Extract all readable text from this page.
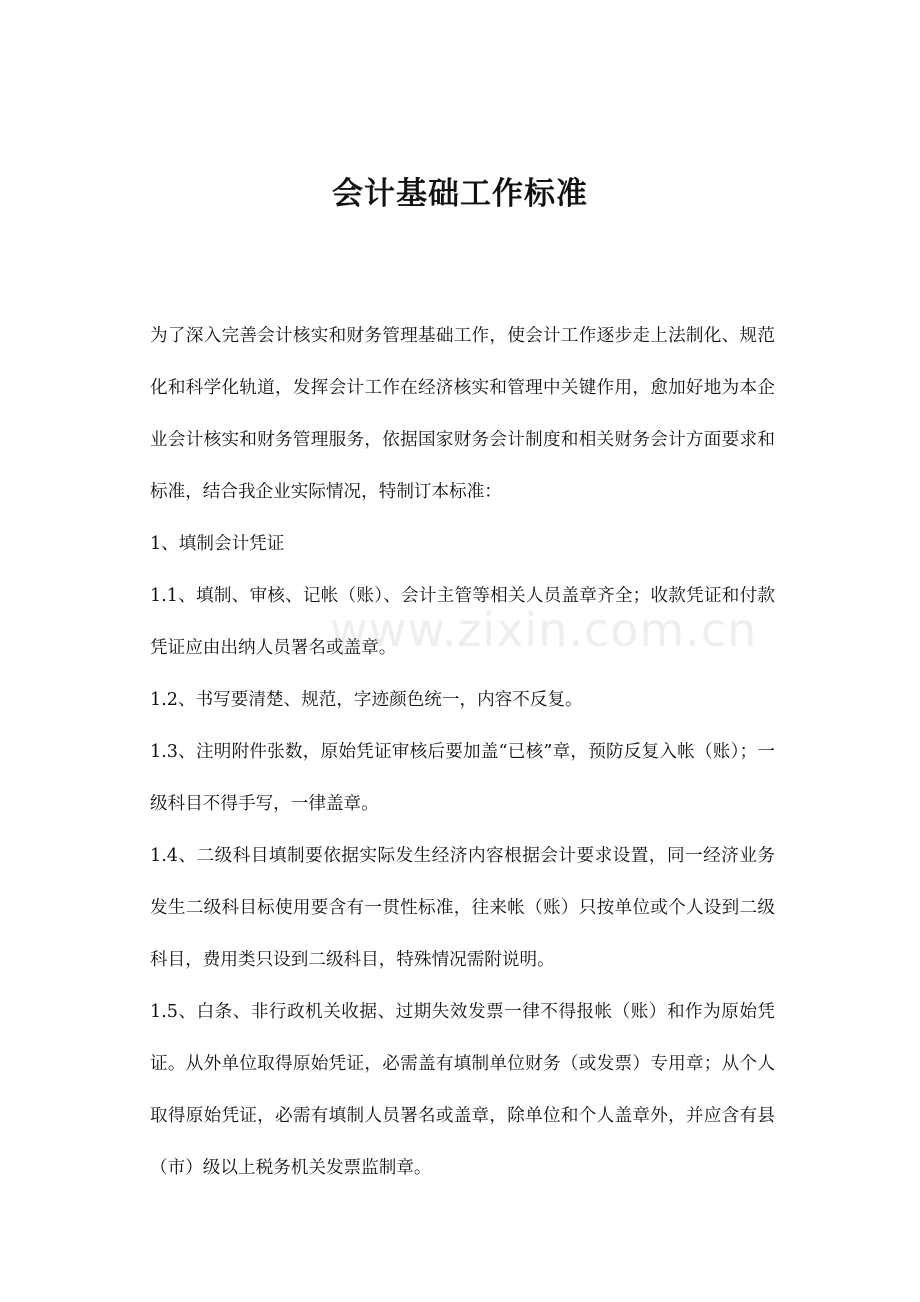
会计基础工作标准

为了深入完善会计核实和财务管理基础工作，使会计工作逐步走上法制化、规范化和科学化轨道，发挥会计工作在经济核实和管理中关键作用，愈加好地为本企业会计核实和财务管理服务，依据国家财务会计制度和相关财务会计方面要求和标准，结合我企业实际情况，特制订本标准：

1、填制会计凭证

1.1、填制、审核、记帐（账）、会计主管等相关人员盖章齐全；收款凭证和付款凭证应由出纳人员署名或盖章。

1.2、书写要清楚、规范，字迹颜色统一，内容不反复。

1.3、注明附件张数，原始凭证审核后要加盖“已核”章，预防反复入帐（账）；一级科目不得手写，一律盖章。

1.4、二级科目填制要依据实际发生经济内容根据会计要求设置，同一经济业务发生二级科目标使用要含有一贯性标准，往来帐（账）只按单位或个人设到二级科目，费用类只设到二级科目，特殊情况需附说明。

1.5、白条、非行政机关收据、过期失效发票一律不得报帐（账）和作为原始凭证。从外单位取得原始凭证，必需盖有填制单位财务（或发票）专用章；从个人取得原始凭证，必需有填制人员署名或盖章，除单位和个人盖章外，并应含有县（市）级以上税务机关发票监制章。

www.zixin.com.cn
